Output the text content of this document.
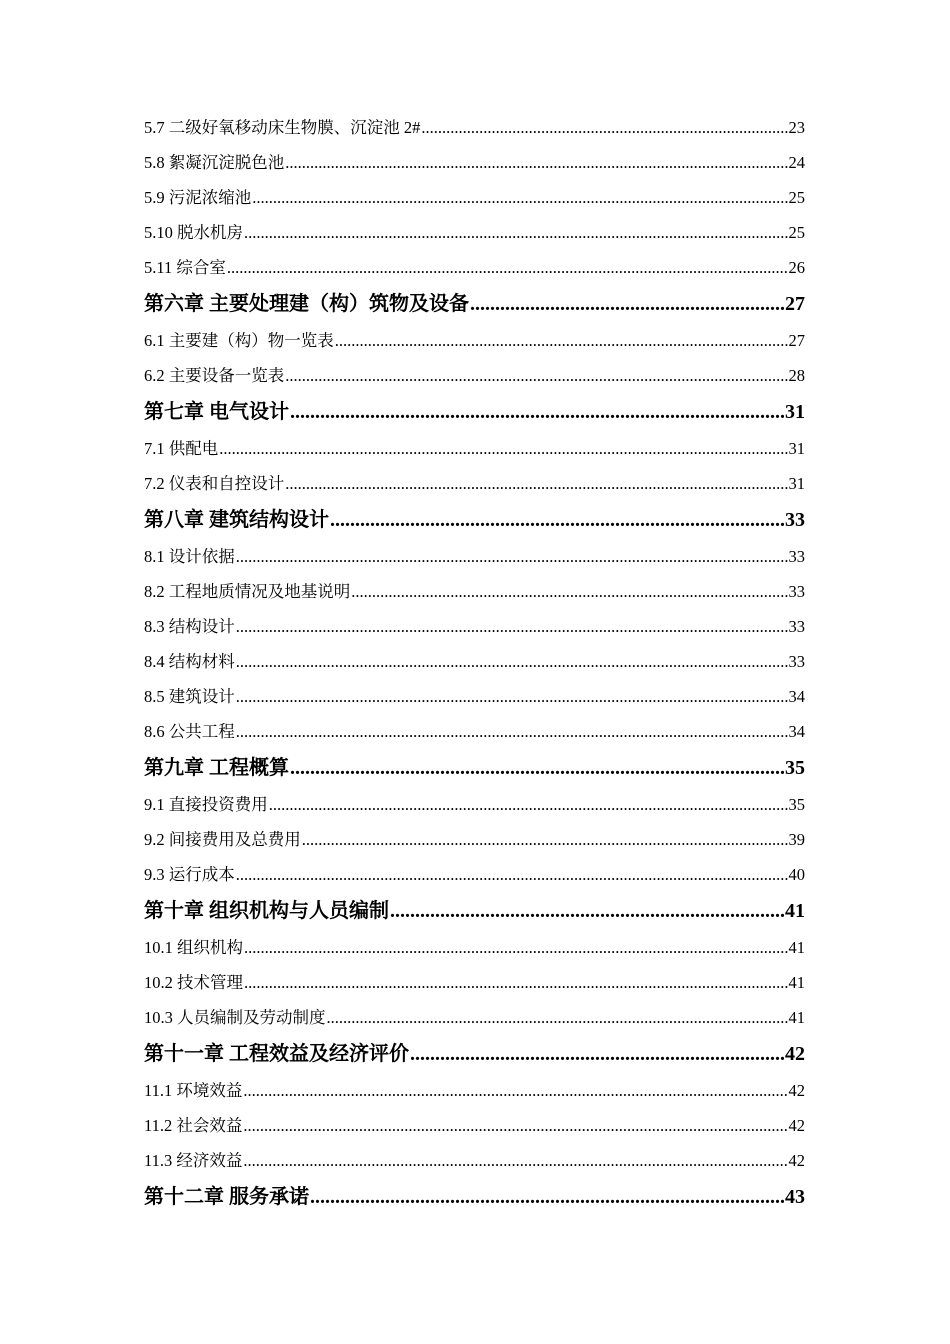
5.7 二级好氧移动床生物膜、沉淀池 2# .....	23
5.8 絮凝沉淀脱色池 .....	24
5.9 污泥浓缩池 .....	25
5.10 脱水机房 .....	25
5.11 综合室 .....	26
第六章 主要处理建（构）筑物及设备 .....	27
6.1 主要建（构）物一览表 .....	27
6.2 主要设备一览表 .....	28
第七章 电气设计 .....	31
7.1 供配电 .....	31
7.2 仪表和自控设计 .....	31
第八章 建筑结构设计 .....	33
8.1 设计依据 .....	33
8.2 工程地质情况及地基说明 .....	33
8.3 结构设计 .....	33
8.4 结构材料 .....	33
8.5 建筑设计 .....	34
8.6 公共工程 .....	34
第九章 工程概算 .....	35
9.1 直接投资费用 .....	35
9.2 间接费用及总费用 .....	39
9.3 运行成本 .....	40
第十章 组织机构与人员编制 .....	41
10.1 组织机构 .....	41
10.2 技术管理 .....	41
10.3 人员编制及劳动制度 .....	41
第十一章 工程效益及经济评价 .....	42
11.1 环境效益 .....	42
11.2 社会效益 .....	42
11.3 经济效益 .....	42
第十二章 服务承诺 .....	43
